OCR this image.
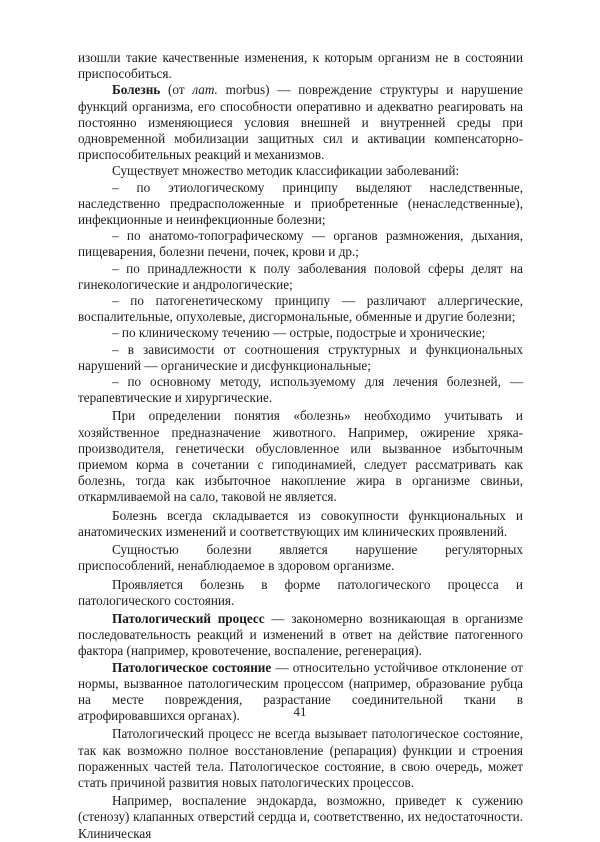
изошли такие качественные изменения, к которым организм не в состоянии приспособиться.

Болезнь (от лат. morbus) — повреждение структуры и нарушение функций организма, его способности оперативно и адекватно реагировать на постоянно изменяющиеся условия внешней и внутренней среды при одновременной мобилизации защитных сил и активации компенсаторно-приспособительных реакций и механизмов.

Существует множество методик классификации заболеваний:

– по этиологическому принципу выделяют наследственные, наследственно предрасположенные и приобретенные (ненаследственные), инфекционные и неинфекционные болезни;

– по анатомо-топографическому — органов размножения, дыхания, пищеварения, болезни печени, почек, крови и др.;

– по принадлежности к полу заболевания половой сферы делят на гинекологические и андрологические;

– по патогенетическому принципу — различают аллергические, воспалительные, опухолевые, дисгормональные, обменные и другие болезни;

– по клиническому течению — острые, подострые и хронические;

– в зависимости от соотношения структурных и функциональных нарушений — органические и дисфункциональные;

– по основному методу, используемому для лечения болезней, — терапевтические и хирургические.

При определении понятия «болезнь» необходимо учитывать и хозяйственное предназначение животного. Например, ожирение хряка-производителя, генетически обусловленное или вызванное избыточным приемом корма в сочетании с гиподинамией, следует рассматривать как болезнь, тогда как избыточное накопление жира в организме свиньи, откармливаемой на сало, таковой не является.

Болезнь всегда складывается из совокупности функциональных и анатомических изменений и соответствующих им клинических проявлений.

Сущностью болезни является нарушение регуляторных приспособлений, ненаблюдаемое в здоровом организме.

Проявляется болезнь в форме патологического процесса и патологического состояния.

Патологический процесс — закономерно возникающая в организме последовательность реакций и изменений в ответ на действие патогенного фактора (например, кровотечение, воспаление, регенерация).

Патологическое состояние — относительно устойчивое отклонение от нормы, вызванное патологическим процессом (например, образование рубца на месте повреждения, разрастание соединительной ткани в атрофировавшихся органах).

Патологический процесс не всегда вызывает патологическое состояние, так как возможно полное восстановление (репарация) функции и строения пораженных частей тела. Патологическое состояние, в свою очередь, может стать причиной развития новых патологических процессов.

Например, воспаление эндокарда, возможно, приведет к сужению (стенозу) клапанных отверстий сердца и, соответственно, их недостаточности. Клиническая

41
